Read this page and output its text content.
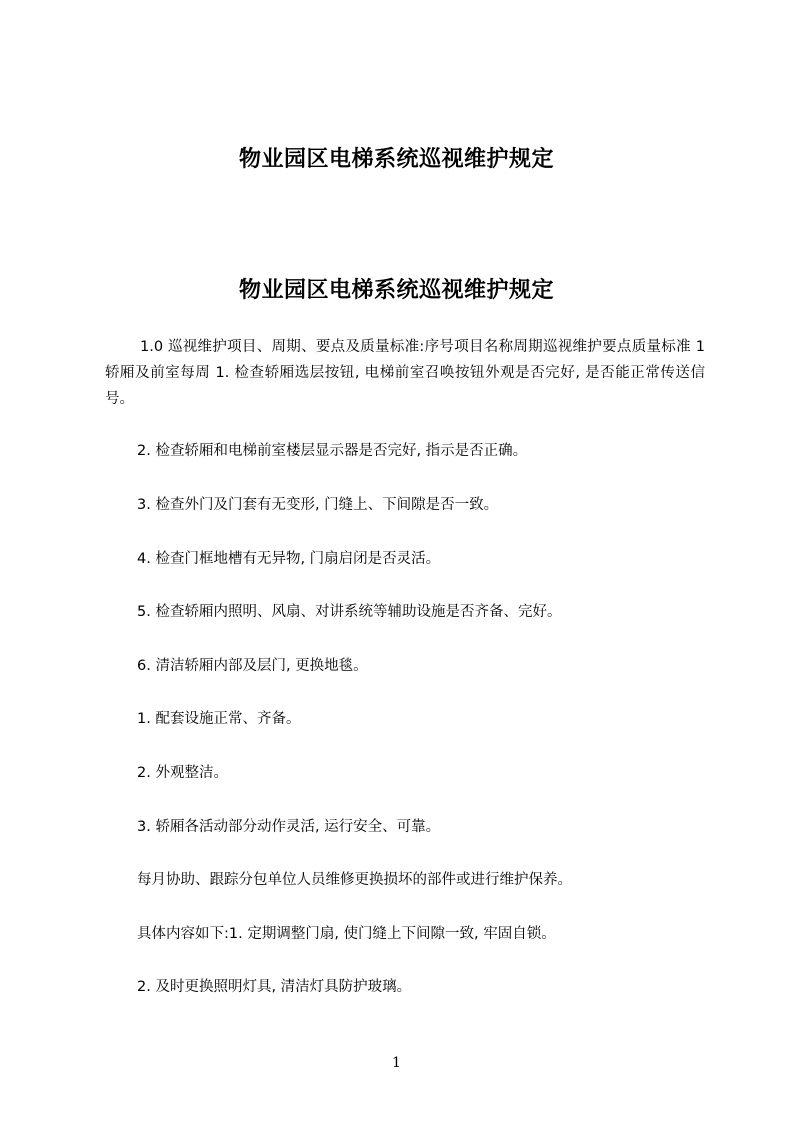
物业园区电梯系统巡视维护规定
物业园区电梯系统巡视维护规定

1.0 巡视维护项目、周期、要点及质量标准:序号项目名称周期巡视维护要点质量标准 1 轿厢及前室每周 1. 检查轿厢选层按钮, 电梯前室召唤按钮外观是否完好, 是否能正常传送信号。

2. 检查轿厢和电梯前室楼层显示器是否完好, 指示是否正确。

3. 检查外门及门套有无变形, 门缝上、下间隙是否一致。

4. 检查门框地槽有无异物, 门扇启闭是否灵活。

5. 检查轿厢内照明、风扇、对讲系统等辅助设施是否齐备、完好。

6. 清洁轿厢内部及层门, 更换地毯。

1. 配套设施正常、齐备。

2. 外观整洁。

3. 轿厢各活动部分动作灵活, 运行安全、可靠。

每月协助、跟踪分包单位人员维修更换损坏的部件或进行维护保养。

具体内容如下:1. 定期调整门扇, 使门缝上下间隙一致, 牢固自锁。

2. 及时更换照明灯具, 清洁灯具防护玻璃。

1
